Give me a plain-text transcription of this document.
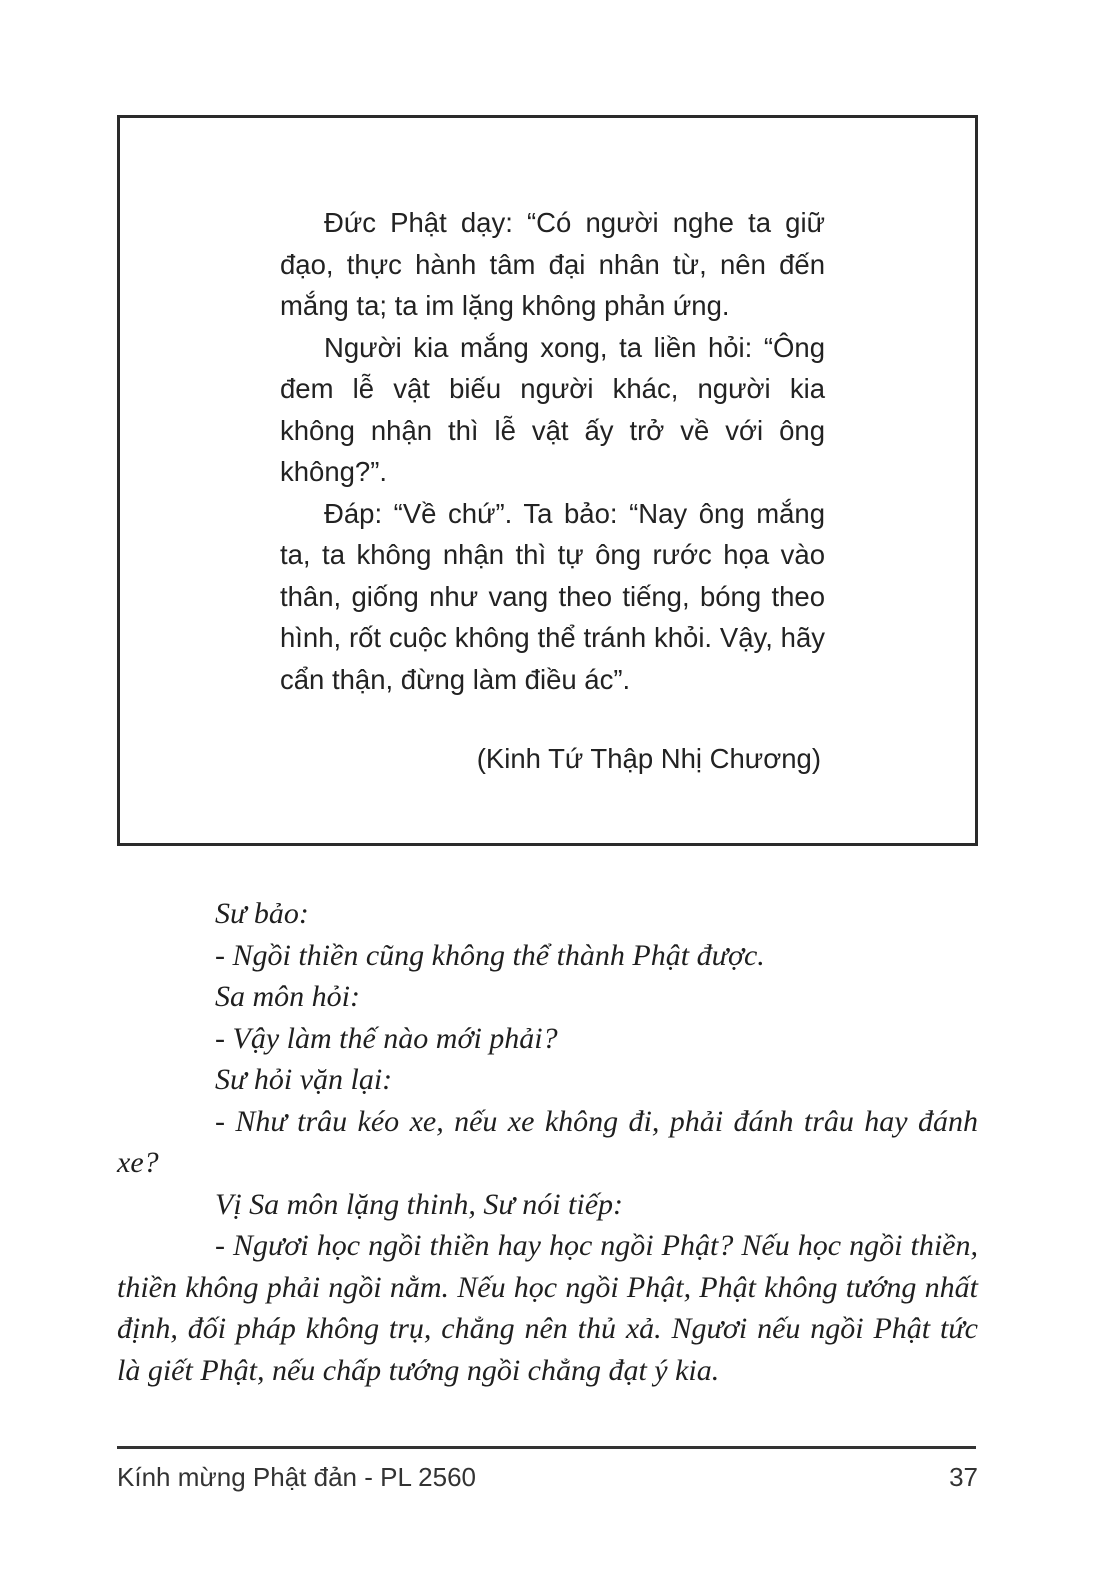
Đức Phật dạy: “Có người nghe ta giữ đạo, thực hành tâm đại nhân từ, nên đến mắng ta; ta im lặng không phản ứng.

Người kia mắng xong, ta liền hỏi: “Ông đem lễ vật biếu người khác, người kia không nhận thì lễ vật ấy trở về với ông không?”.

Đáp: “Về chứ”. Ta bảo: “Nay ông mắng ta, ta không nhận thì tự ông rước họa vào thân, giống như vang theo tiếng, bóng theo hình, rốt cuộc không thể tránh khỏi. Vậy, hãy cẩn thận, đừng làm điều ác”.

(Kinh Tứ Thập Nhị Chương)

Sư bảo:

- Ngồi thiền cũng không thể thành Phật được.

Sa môn hỏi:

- Vậy làm thế nào mới phải?

Sư hỏi vặn lại:

- Như trâu kéo xe, nếu xe không đi, phải đánh trâu hay đánh xe?

Vị Sa môn lặng thinh, Sư nói tiếp:

- Ngươi học ngồi thiền hay học ngồi Phật? Nếu học ngồi thiền, thiền không phải ngồi nằm. Nếu học ngồi Phật, Phật không tướng nhất định, đối pháp không trụ, chẳng nên thủ xả. Ngươi nếu ngồi Phật tức là giết Phật, nếu chấp tướng ngồi chẳng đạt ý kia.

Kính mừng Phật đản - PL 2560	37
